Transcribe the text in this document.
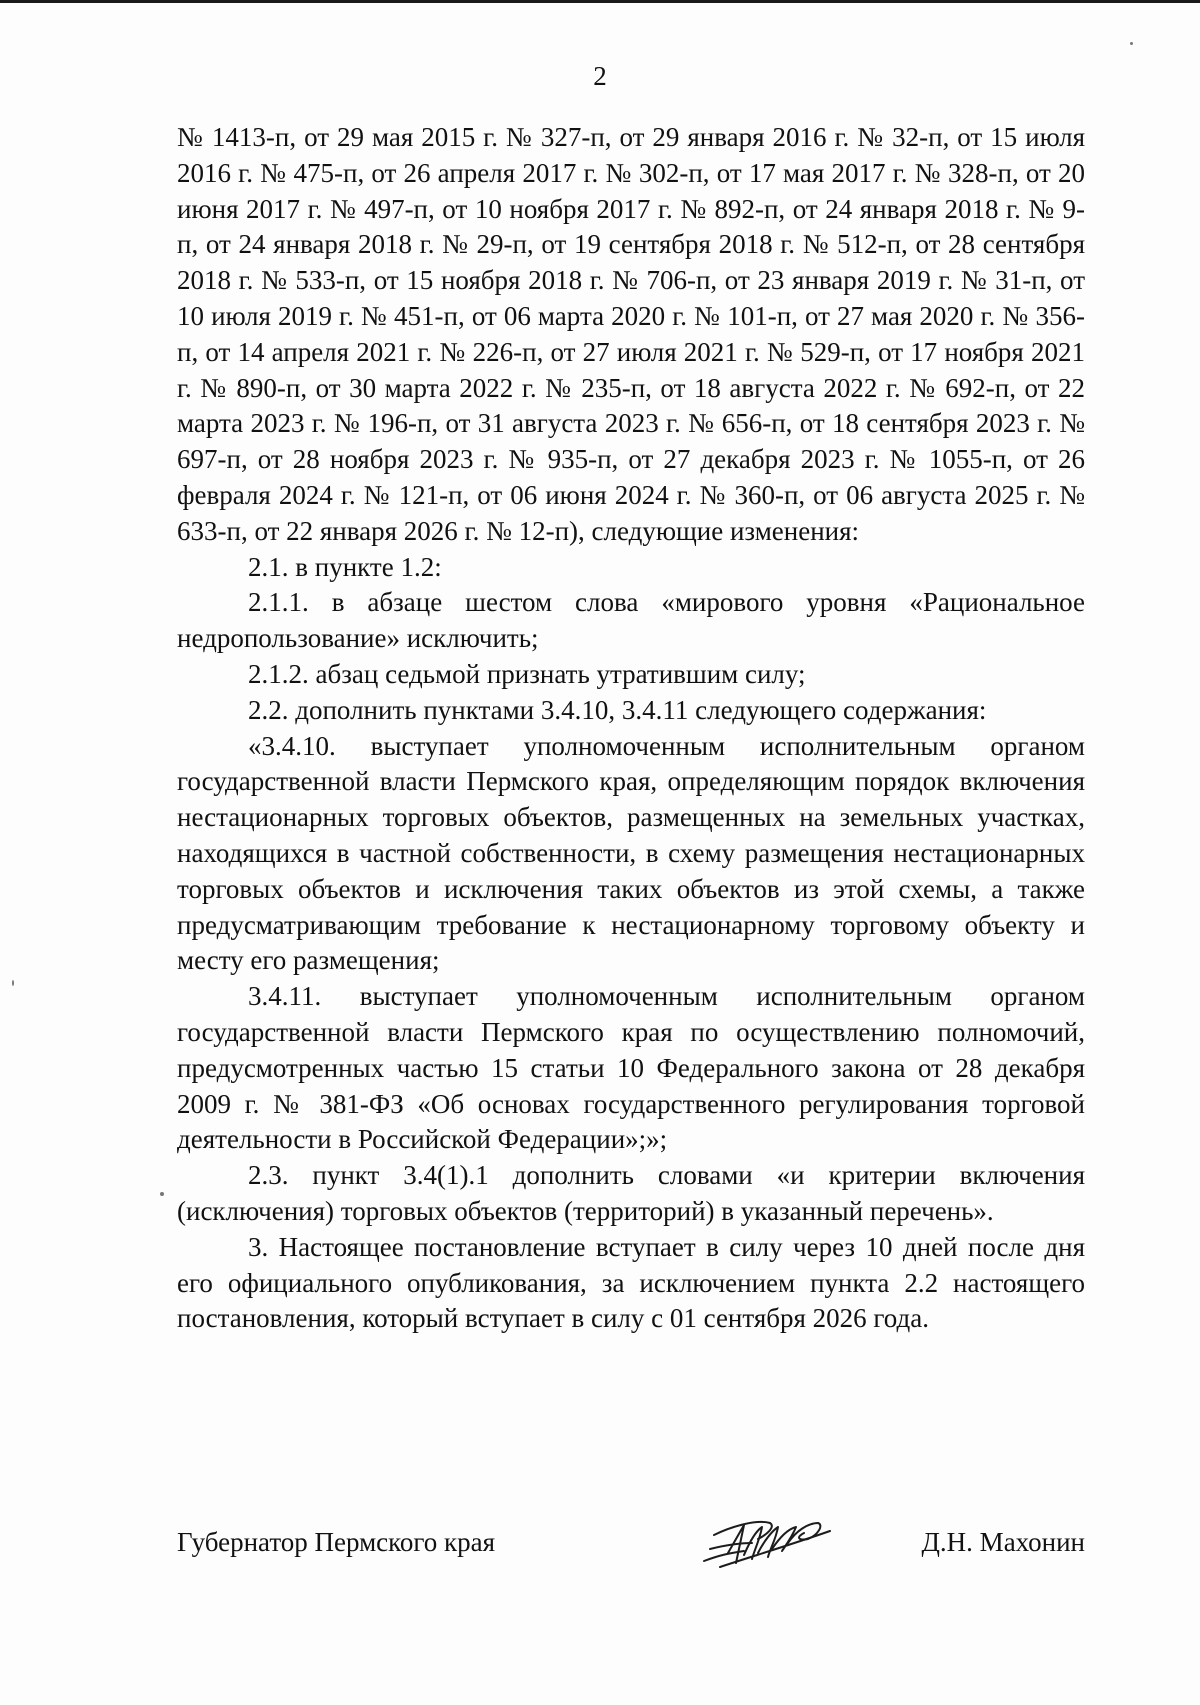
2

№ 1413-п, от 29 мая 2015 г. № 327-п, от 29 января 2016 г. № 32-п, от 15 июля 2016 г. № 475-п, от 26 апреля 2017 г. № 302-п, от 17 мая 2017 г. № 328-п, от 20 июня 2017 г. № 497-п, от 10 ноября 2017 г. № 892-п, от 24 января 2018 г. № 9-п, от 24 января 2018 г. № 29-п, от 19 сентября 2018 г. № 512-п, от 28 сентября 2018 г. № 533-п, от 15 ноября 2018 г. № 706-п, от 23 января 2019 г. № 31-п, от 10 июля 2019 г. № 451-п, от 06 марта 2020 г. № 101-п, от 27 мая 2020 г. № 356-п, от 14 апреля 2021 г. № 226-п, от 27 июля 2021 г. № 529-п, от 17 ноября 2021 г. № 890-п, от 30 марта 2022 г. № 235-п, от 18 августа 2022 г. № 692-п, от 22 марта 2023 г. № 196-п, от 31 августа 2023 г. № 656-п, от 18 сентября 2023 г. № 697-п, от 28 ноября 2023 г. № 935-п, от 27 декабря 2023 г. № 1055-п, от 26 февраля 2024 г. № 121-п, от 06 июня 2024 г. № 360-п, от 06 августа 2025 г. № 633-п, от 22 января 2026 г. № 12-п), следующие изменения:

2.1. в пункте 1.2:

2.1.1. в абзаце шестом слова «мирового уровня «Рациональное недропользование» исключить;

2.1.2. абзац седьмой признать утратившим силу;

2.2. дополнить пунктами 3.4.10, 3.4.11 следующего содержания:

«3.4.10. выступает уполномоченным исполнительным органом государственной власти Пермского края, определяющим порядок включения нестационарных торговых объектов, размещенных на земельных участках, находящихся в частной собственности, в схему размещения нестационарных торговых объектов и исключения таких объектов из этой схемы, а также предусматривающим требование к нестационарному торговому объекту и месту его размещения;

3.4.11. выступает уполномоченным исполнительным органом государственной власти Пермского края по осуществлению полномочий, предусмотренных частью 15 статьи 10 Федерального закона от 28 декабря 2009 г. № 381-ФЗ «Об основах государственного регулирования торговой деятельности в Российской Федерации»;»;

2.3. пункт 3.4(1).1 дополнить словами «и критерии включения (исключения) торговых объектов (территорий) в указанный перечень».

3. Настоящее постановление вступает в силу через 10 дней после дня его официального опубликования, за исключением пункта 2.2 настоящего постановления, который вступает в силу с 01 сентября 2026 года.

Губернатор Пермского края	Д.Н. Махонин
